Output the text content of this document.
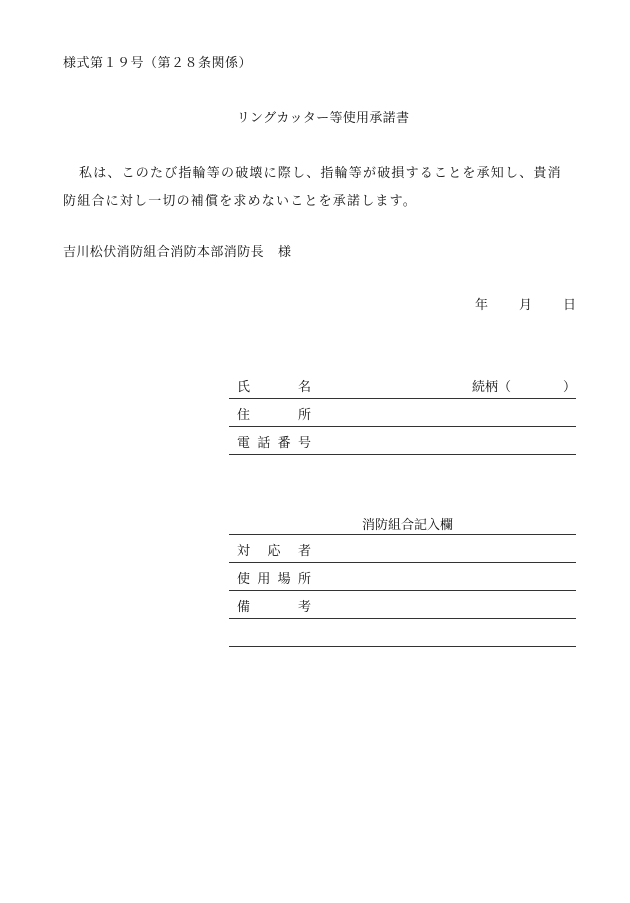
様式第１９号（第２８条関係）
リングカッター等使用承諾書
私は、このたび指輪等の破壊に際し、指輪等が破損することを承知し、貴消
防組合に対し一切の補償を求めないことを承諾します。
吉川松伏消防組合消防本部消防長 様
年 月 日
氏	名	続柄（	）
住	所
電 話 番 号
消防組合記入欄
対 応 者
使 用 場 所
備	考
